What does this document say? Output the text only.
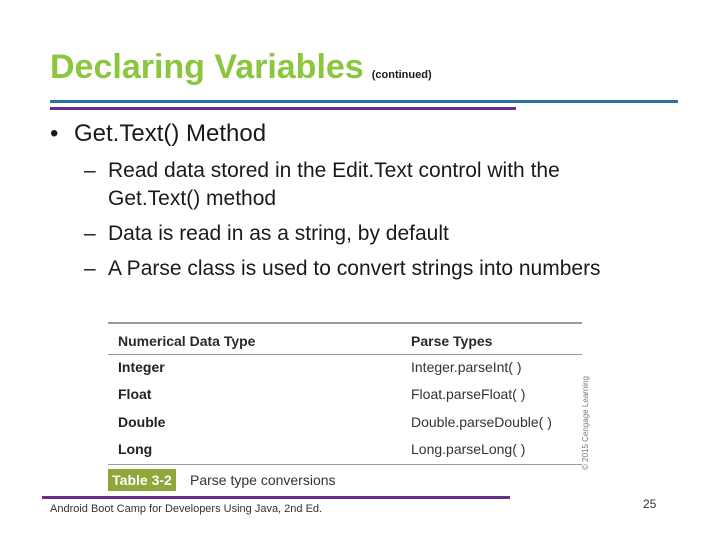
Declaring Variables (continued)
• Get.Text() Method
– Read data stored in the Edit.Text control with the Get.Text() method
– Data is read in as a string, by default
– A Parse class is used to convert strings into numbers
Numerical Data Type	Parse Types
Integer	Integer.parseInt( )
Float	Float.parseFloat( )
Double	Double.parseDouble( )
Long	Long.parseLong( )
Table 3-2 Parse type conversions
© 2015 Cengage Learning
Android Boot Camp for Developers Using Java, 2nd Ed.	25
